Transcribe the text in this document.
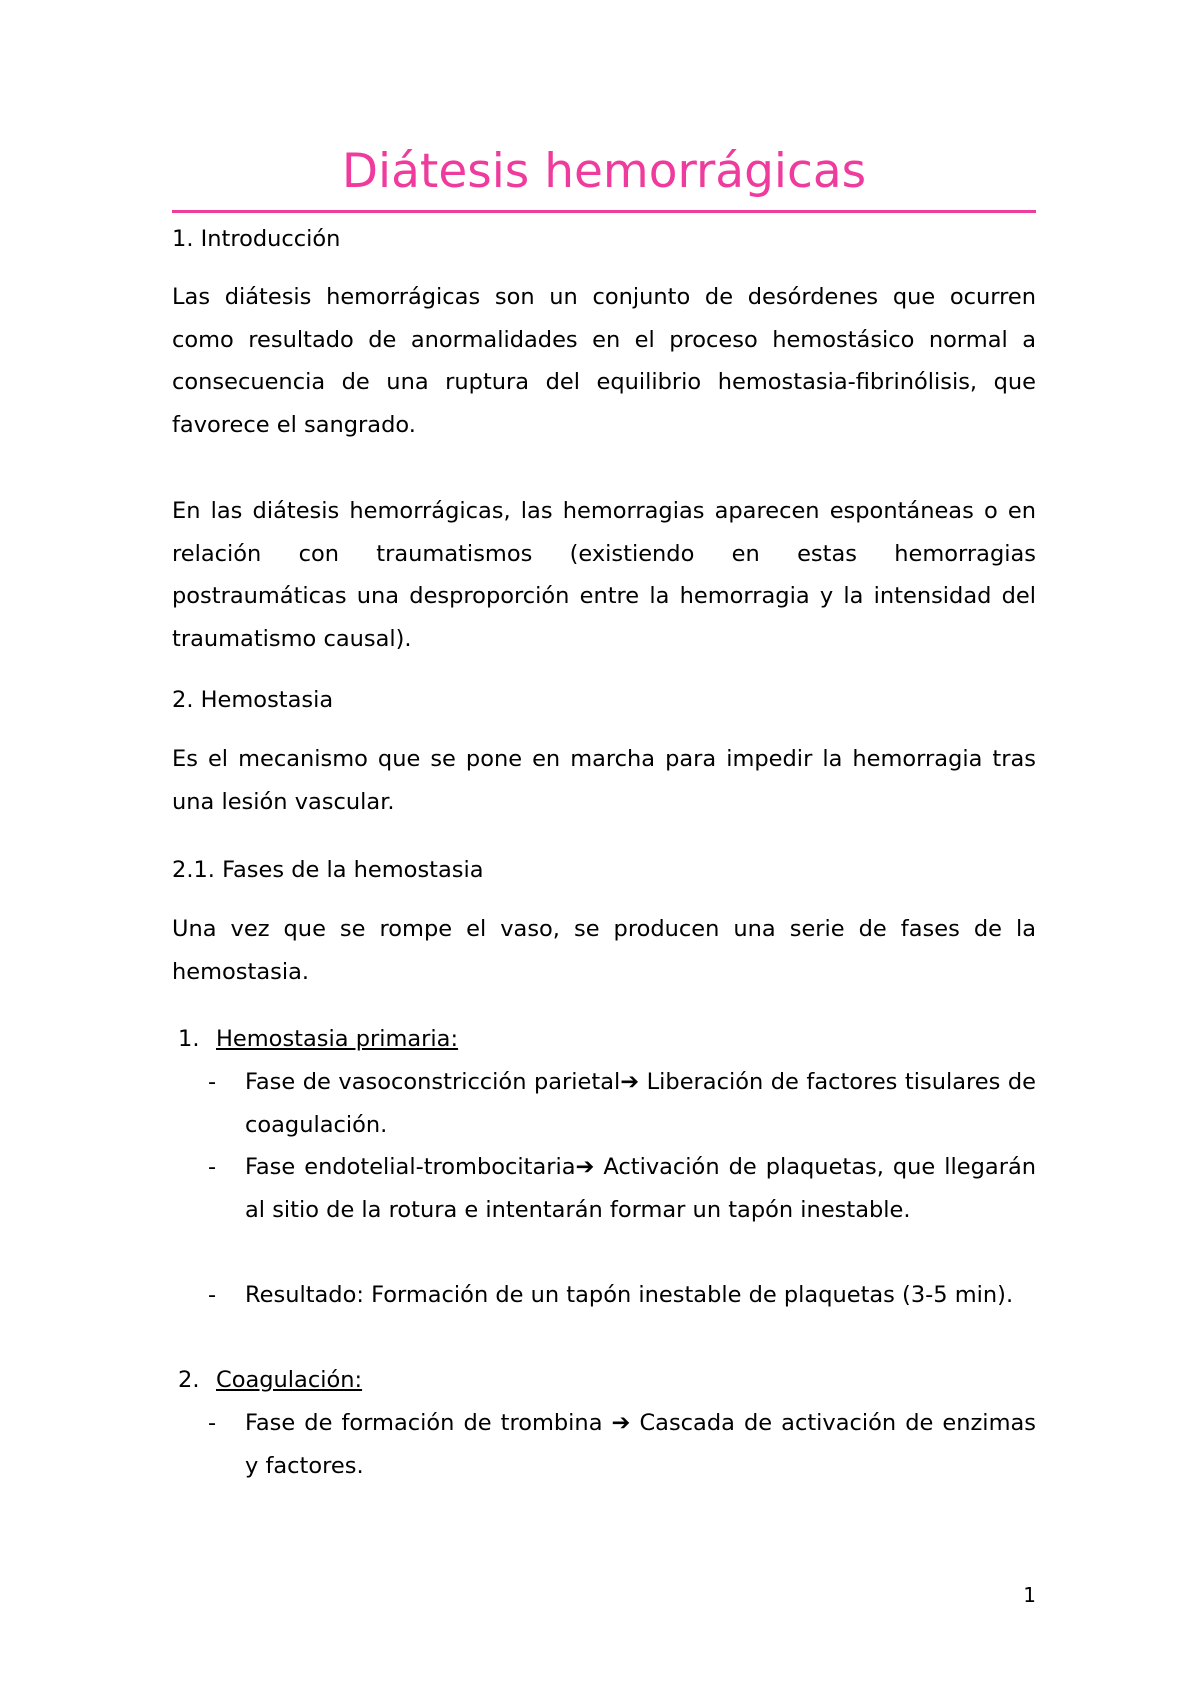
Diátesis hemorrágicas

1. Introducción

Las diátesis hemorrágicas son un conjunto de desórdenes que ocurren como resultado de anormalidades en el proceso hemostásico normal a consecuencia de una ruptura del equilibrio hemostasia-fibrinólisis, que favorece el sangrado.

En las diátesis hemorrágicas, las hemorragias aparecen espontáneas o en relación con traumatismos (existiendo en estas hemorragias postraumáticas una desproporción entre la hemorragia y la intensidad del traumatismo causal).

2. Hemostasia

Es el mecanismo que se pone en marcha para impedir la hemorragia tras una lesión vascular.

2.1. Fases de la hemostasia

Una vez que se rompe el vaso, se producen una serie de fases de la hemostasia.

1. Hemostasia primaria:
- Fase de vasoconstricción parietal➔ Liberación de factores tisulares de coagulación.

- Fase endotelial-trombocitaria➔ Activación de plaquetas, que llegarán al sitio de la rotura e intentarán formar un tapón inestable.

- Resultado: Formación de un tapón inestable de plaquetas (3-5 min).

2. Coagulación:
- Fase de formación de trombina ➔ Cascada de activación de enzimas y factores.

1
